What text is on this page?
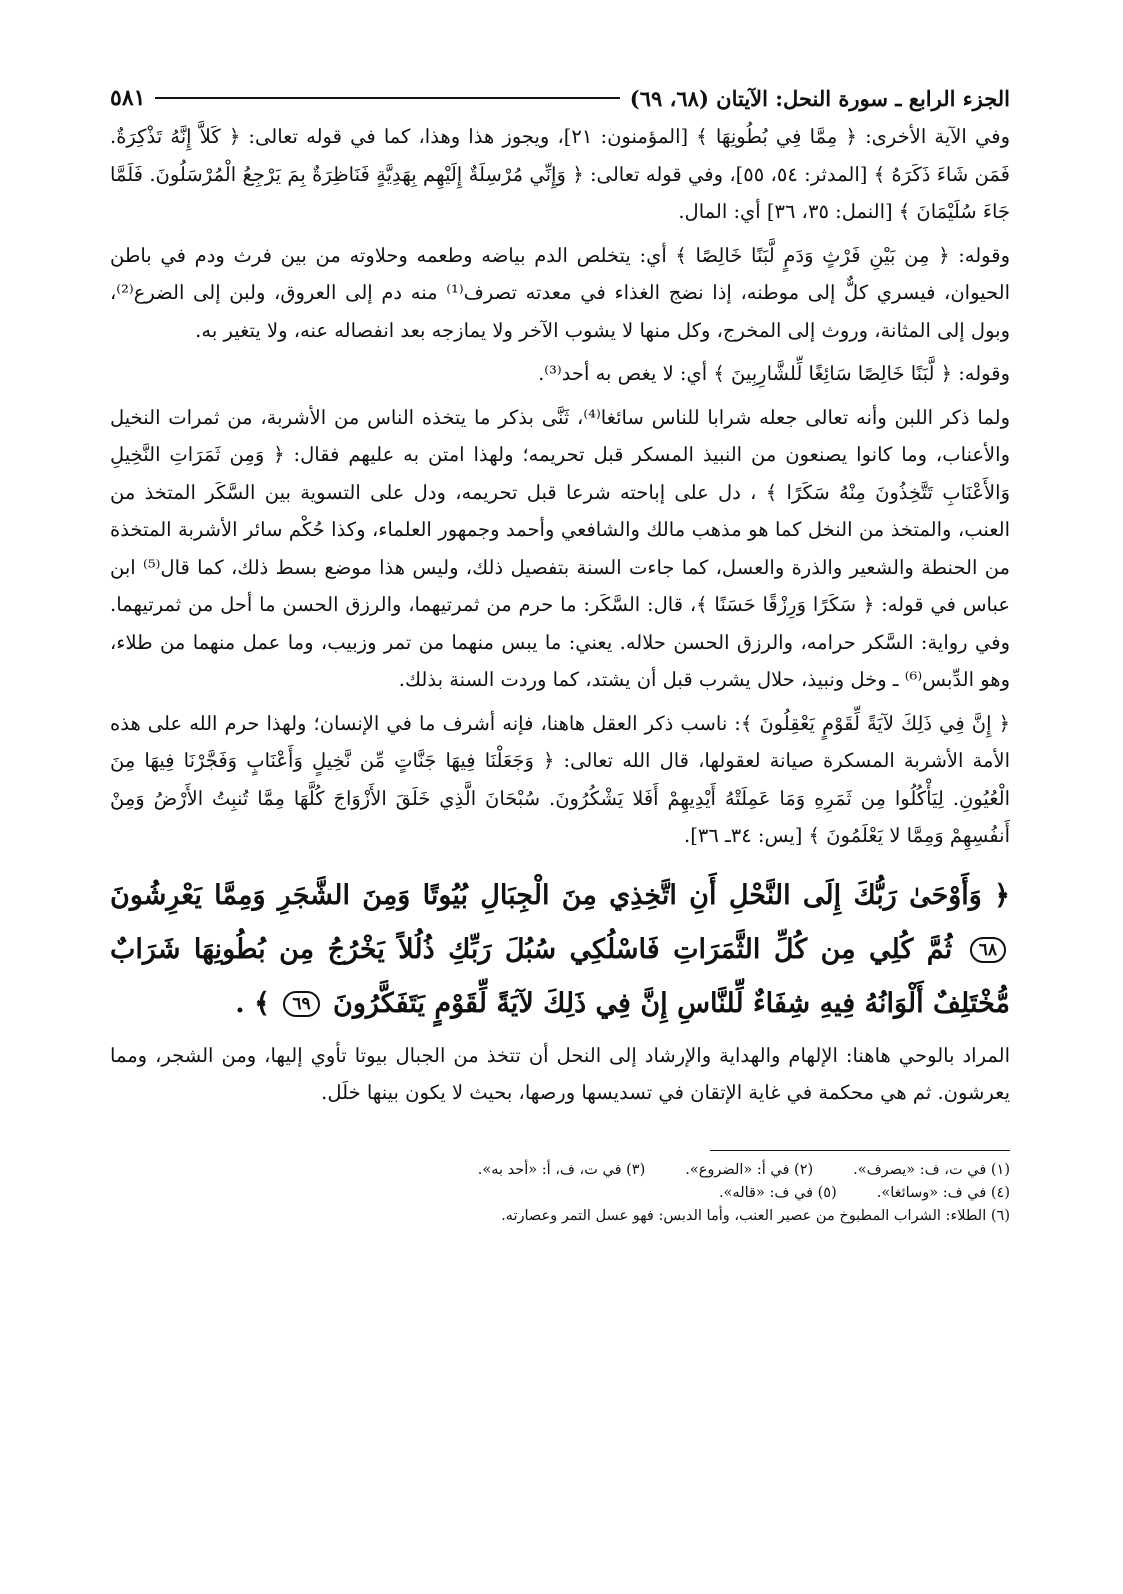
الجزء الرابع ـ سورة النحل: الآيتان (٦٨، ٦٩)
٥٨١

وفي الآية الأخرى: ﴿ مِمَّا فِي بُطُونِهَا ﴾ [المؤمنون: ٢١]، ويجوز هذا وهذا، كما في قوله تعالى: ﴿ كَلاَّ إِنَّهُ تَذْكِرَةٌ. فَمَن شَاءَ ذَكَرَهُ ﴾ [المدثر: ٥٤، ٥٥]، وفي قوله تعالى: ﴿ وَإِنِّي مُرْسِلَةٌ إِلَيْهِم بِهَدِيَّةٍ فَنَاظِرَةٌ بِمَ يَرْجِعُ الْمُرْسَلُونَ. فَلَمَّا جَاءَ سُلَيْمَانَ ﴾ [النمل: ٣٥، ٣٦] أي: المال.

وقوله: ﴿ مِن بَيْنِ فَرْثٍ وَدَمٍ لَّبَنًا خَالِصًا ﴾ أي: يتخلص الدم بياضه وطعمه وحلاوته من بين فرث ودم في باطن الحيوان، فيسري كلٌّ إلى موطنه، إذا نضج الغذاء في معدته تصرف⁽¹⁾ منه دم إلى العروق، ولبن إلى الضرع⁽²⁾، وبول إلى المثانة، وروث إلى المخرج، وكل منها لا يشوب الآخر ولا يمازجه بعد انفصاله عنه، ولا يتغير به.

وقوله: ﴿ لَّبَنًا خَالِصًا سَائِغًا لِّلشَّارِبِينَ ﴾ أي: لا يغص به أحد⁽³⁾.

ولما ذكر اللبن وأنه تعالى جعله شرابا للناس سائغا⁽⁴⁾، ثَنَّى بذكر ما يتخذه الناس من الأشربة، من ثمرات النخيل والأعناب، وما كانوا يصنعون من النبيذ المسكر قبل تحريمه؛ ولهذا امتن به عليهم فقال: ﴿ وَمِن ثَمَرَاتِ النَّخِيلِ وَالأَعْنَابِ تَتَّخِذُونَ مِنْهُ سَكَرًا ﴾ ، دل على إباحته شرعا قبل تحريمه، ودل على التسوية بين السَّكَر المتخذ من العنب، والمتخذ من النخل كما هو مذهب مالك والشافعي وأحمد وجمهور العلماء، وكذا حُكْم سائر الأشربة المتخذة من الحنطة والشعير والذرة والعسل، كما جاءت السنة بتفصيل ذلك، وليس هذا موضع بسط ذلك، كما قال⁽⁵⁾ ابن عباس في قوله: ﴿ سَكَرًا وَرِزْقًا حَسَنًا ﴾، قال: السَّكَر: ما حرم من ثمرتيهما، والرزق الحسن ما أحل من ثمرتيهما. وفي رواية: السَّكر حرامه، والرزق الحسن حلاله. يعني: ما يبس منهما من تمر وزبيب، وما عمل منهما من طلاء، وهو الدِّبس⁽⁶⁾ ـ وخل ونبيذ، حلال يشرب قبل أن يشتد، كما وردت السنة بذلك.

﴿ إِنَّ فِي ذَلِكَ لآيَةً لِّقَوْمٍ يَعْقِلُونَ ﴾: ناسب ذكر العقل هاهنا، فإنه أشرف ما في الإنسان؛ ولهذا حرم الله على هذه الأمة الأشربة المسكرة صيانة لعقولها، قال الله تعالى: ﴿ وَجَعَلْنَا فِيهَا جَنَّاتٍ مِّن نَّخِيلٍ وَأَعْنَابٍ وَفَجَّرْنَا فِيهَا مِنَ الْعُيُونِ. لِيَأْكُلُوا مِن ثَمَرِهِ وَمَا عَمِلَتْهُ أَيْدِيهِمْ أَفَلا يَشْكُرُونَ. سُبْحَانَ الَّذِي خَلَقَ الأَزْوَاجَ كُلَّهَا مِمَّا تُنبِتُ الأَرْضُ وَمِنْ أَنفُسِهِمْ وَمِمَّا لا يَعْلَمُونَ ﴾ [يس: ٣٤ـ ٣٦].

﴿ وَأَوْحَىٰ رَبُّكَ إِلَى النَّحْلِ أَنِ اتَّخِذِي مِنَ الْجِبَالِ بُيُوتًا وَمِنَ الشَّجَرِ وَمِمَّا يَعْرِشُونَ ٦٨ ثُمَّ كُلِي مِن كُلِّ الثَّمَرَاتِ فَاسْلُكِي سُبُلَ رَبِّكِ ذُلُلاً يَخْرُجُ مِن بُطُونِهَا شَرَابٌ مُّخْتَلِفٌ أَلْوَانُهُ فِيهِ شِفَاءٌ لِّلنَّاسِ إِنَّ فِي ذَلِكَ لآيَةً لِّقَوْمٍ يَتَفَكَّرُونَ ٦٩ ﴾ .

المراد بالوحي هاهنا: الإلهام والهداية والإرشاد إلى النحل أن تتخذ من الجبال بيوتا تأوي إليها، ومن الشجر، ومما يعرشون. ثم هي محكمة في غاية الإتقان في تسديسها ورصها، بحيث لا يكون بينها خلَل.

(١) في ت، ف: «يصرف».
(٢) في أ: «الضروع».
(٣) في ت، ف، أ: «أحد به».
(٤) في ف: «وسائغا».
(٥) في ف: «قاله».
(٦) الطلاء: الشراب المطبوخ من عصير العنب، وأما الدبس: فهو عسل التمر وعصارته.
